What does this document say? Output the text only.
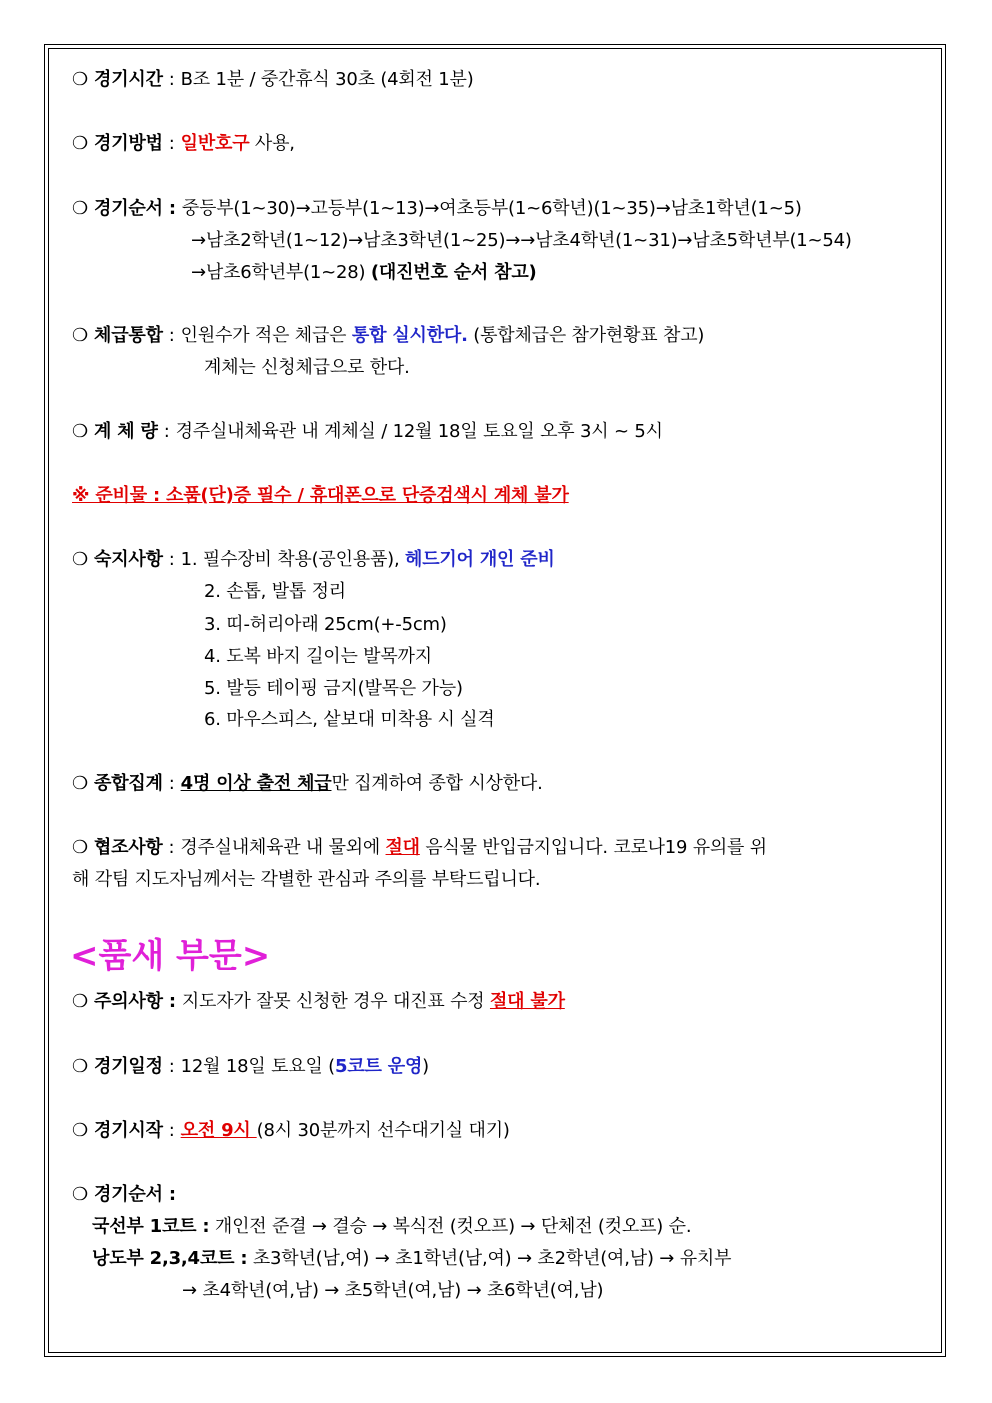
❍ 경기시간 : B조 1분 / 중간휴식 30초 (4회전 1분)
❍ 경기방법 : 일반호구 사용,
❍ 경기순서 : 중등부(1~30)→고등부(1~13)→여초등부(1~6학년)(1~35)→남초1학년(1~5)
→남초2학년(1~12)→남초3학년(1~25)→→남초4학년(1~31)→남초5학년부(1~54)
→남초6학년부(1~28) (대진번호 순서 참고)
❍ 체급통합 : 인원수가 적은 체급은 통합 실시한다. (통합체급은 참가현황표 참고)
계체는 신청체급으로 한다.
❍ 계 체 량 : 경주실내체육관 내 계체실 / 12월 18일 토요일 오후 3시 ~ 5시
※ 준비물 : 소품(단)증 필수 / 휴대폰으로 단증검색시 계체 불가
❍ 숙지사항 : 1. 필수장비 착용(공인용품), 헤드기어 개인 준비
2. 손톱, 발톱 정리
3. 띠-허리아래 25cm(+-5cm)
4. 도복 바지 길이는 발목까지
5. 발등 테이핑 금지(발목은 가능)
6. 마우스피스, 샅보대 미착용 시 실격
❍ 종합집계 : 4명 이상 출전 체급만 집계하여 종합 시상한다.
❍ 협조사항 : 경주실내체육관 내 물외에 절대 음식물 반입금지입니다. 코로나19 유의를 위
해 각팀 지도자님께서는 각별한 관심과 주의를 부탁드립니다.
<품새 부문>
❍ 주의사항 : 지도자가 잘못 신청한 경우 대진표 수정 절대 불가
❍ 경기일정 : 12월 18일 토요일 (5코트 운영)
❍ 경기시작 : 오전 9시 (8시 30분까지 선수대기실 대기)
❍ 경기순서 :
국선부 1코트 : 개인전 준결 → 결승 → 복식전 (컷오프) → 단체전 (컷오프) 순.
낭도부 2,3,4코트 : 초3학년(남,여) → 초1학년(남,여) → 초2학년(여,남) → 유치부
→ 초4학년(여,남) → 초5학년(여,남) → 초6학년(여,남)
